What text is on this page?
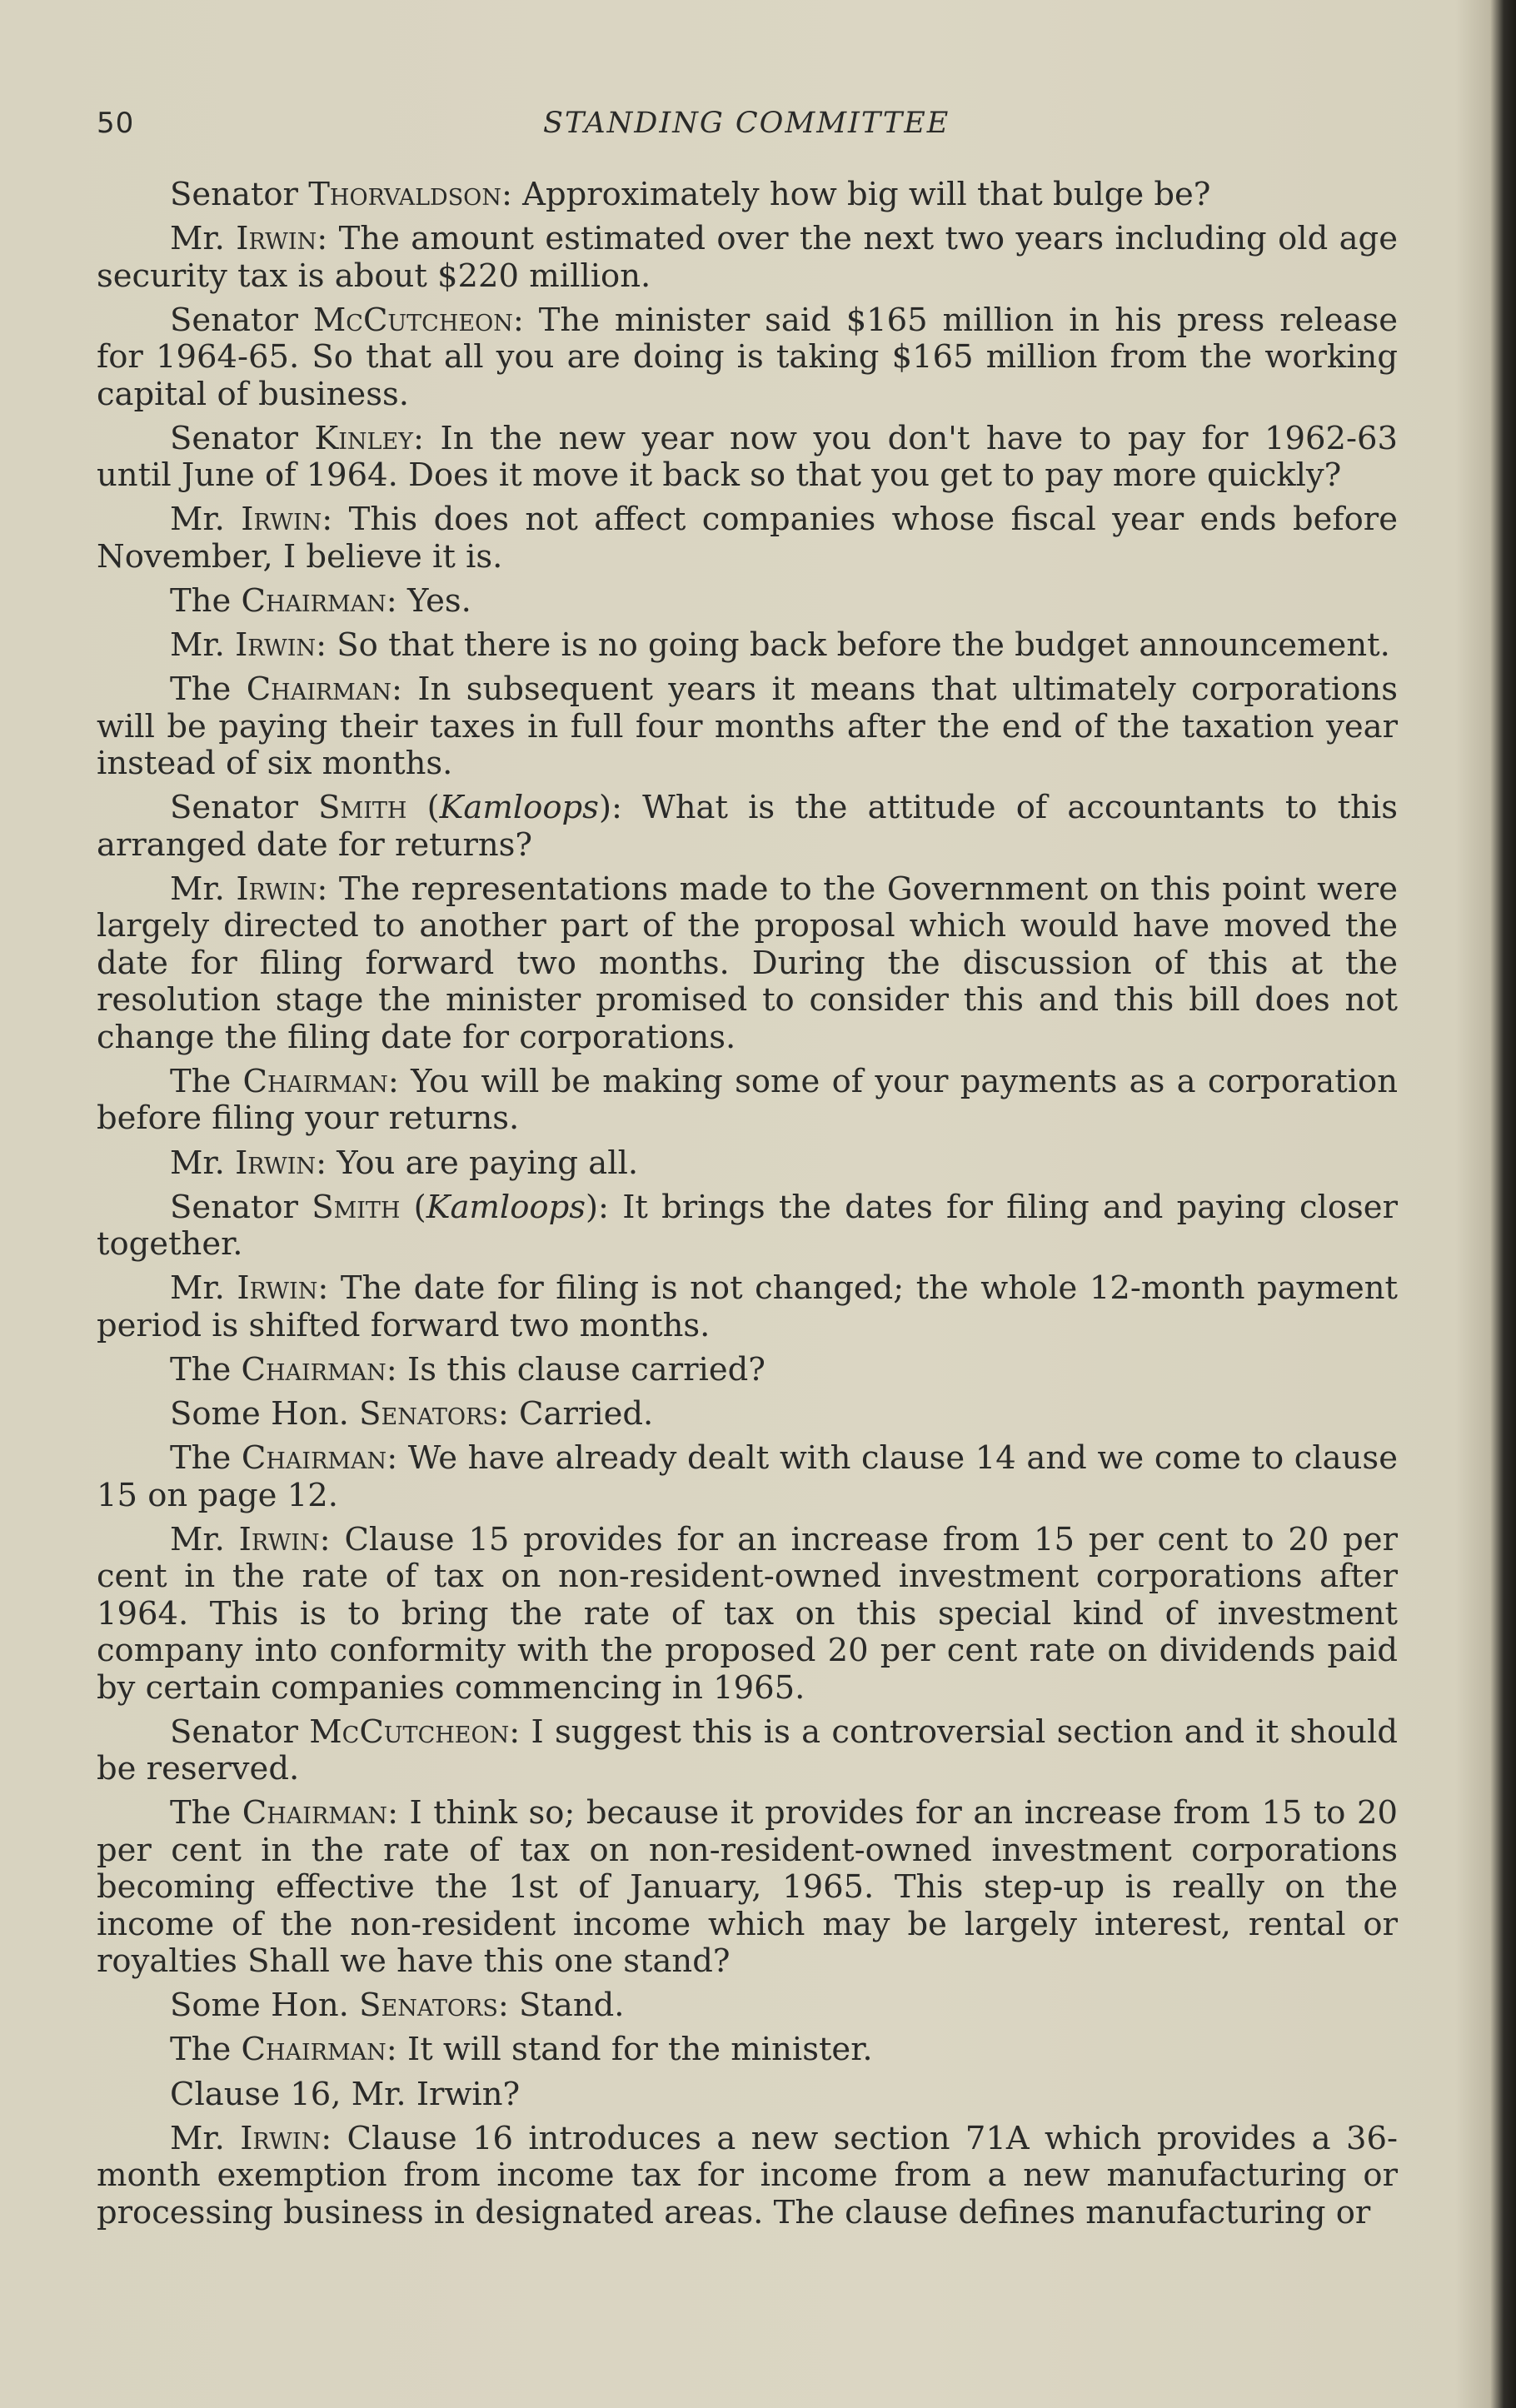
50	STANDING COMMITTEE

Senator Thorvaldson: Approximately how big will that bulge be?

Mr. Irwin: The amount estimated over the next two years including old age security tax is about $220 million.

Senator McCutcheon: The minister said $165 million in his press release for 1964-65. So that all you are doing is taking $165 million from the working capital of business.

Senator Kinley: In the new year now you don't have to pay for 1962-63 until June of 1964. Does it move it back so that you get to pay more quickly?

Mr. Irwin: This does not affect companies whose fiscal year ends before November, I believe it is.

The Chairman: Yes.

Mr. Irwin: So that there is no going back before the budget announcement.

The Chairman: In subsequent years it means that ultimately corporations will be paying their taxes in full four months after the end of the taxation year instead of six months.

Senator Smith (Kamloops): What is the attitude of accountants to this arranged date for returns?

Mr. Irwin: The representations made to the Government on this point were largely directed to another part of the proposal which would have moved the date for filing forward two months. During the discussion of this at the resolution stage the minister promised to consider this and this bill does not change the filing date for corporations.

The Chairman: You will be making some of your payments as a corporation before filing your returns.

Mr. Irwin: You are paying all.

Senator Smith (Kamloops): It brings the dates for filing and paying closer together.

Mr. Irwin: The date for filing is not changed; the whole 12-month payment period is shifted forward two months.

The Chairman: Is this clause carried?

Some Hon. Senators: Carried.

The Chairman: We have already dealt with clause 14 and we come to clause 15 on page 12.

Mr. Irwin: Clause 15 provides for an increase from 15 per cent to 20 per cent in the rate of tax on non-resident-owned investment corporations after 1964. This is to bring the rate of tax on this special kind of investment company into conformity with the proposed 20 per cent rate on dividends paid by certain companies commencing in 1965.

Senator McCutcheon: I suggest this is a controversial section and it should be reserved.

The Chairman: I think so; because it provides for an increase from 15 to 20 per cent in the rate of tax on non-resident-owned investment corporations becoming effective the 1st of January, 1965. This step-up is really on the income of the non-resident income which may be largely interest, rental or royalties Shall we have this one stand?

Some Hon. Senators: Stand.

The Chairman: It will stand for the minister.

Clause 16, Mr. Irwin?

Mr. Irwin: Clause 16 introduces a new section 71A which provides a 36-month exemption from income tax for income from a new manufacturing or processing business in designated areas. The clause defines manufacturing or
